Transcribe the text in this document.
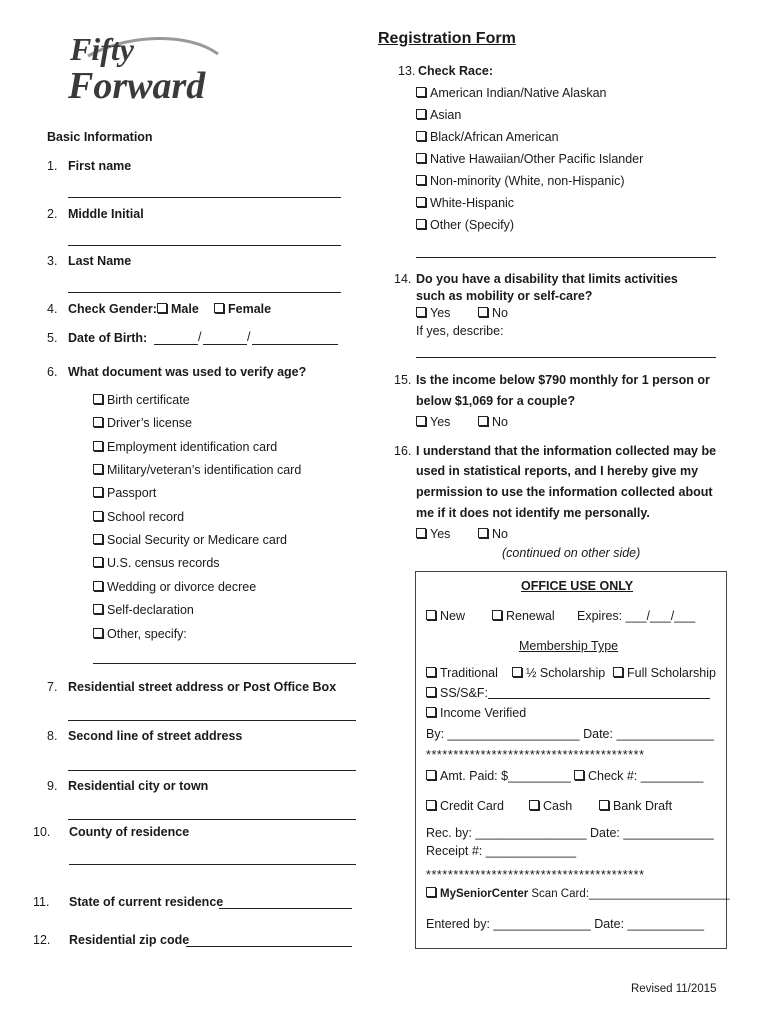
Fifty
Forward
Registration Form
Basic Information
1. First name
2. Middle Initial
3. Last Name
4. Check Gender:	Male	Female
5. Date of Birth:	/	/
6. What document was used to verify age?
Birth certificate
Driver’s license
Employment identification card
Military/veteran’s identification card
Passport
School record
Social Security or Medicare card
U.S. census records
Wedding or divorce decree
Self-declaration
Other, specify:
7. Residential street address or Post Office Box
8. Second line of street address
9. Residential city or town
10. County of residence
11. State of current residence
12. Residential zip code
13. Check Race:
American Indian/Native Alaskan
Asian
Black/African American
Native Hawaiian/Other Pacific Islander
Non-minority (White, non-Hispanic)
White-Hispanic
Other (Specify)
14. Do you have a disability that limits activities
such as mobility or self-care?
Yes	No
If yes, describe:
15. Is the income below $790 monthly for 1 person or
below $1,069 for a couple?
Yes	No
16. I understand that the information collected may be
used in statistical reports, and I hereby give my
permission to use the information collected about
me if it does not identify me personally.
Yes	No
(continued on other side)
OFFICE USE ONLY
New	Renewal Expires: ___/___/___
Membership Type
Traditional	½ Scholarship	Full Scholarship
SS/S&F:
Income Verified
By: ___________________ Date: ______________
****************************************
Amt. Paid: $_________	Check #: _________
Credit Card	Cash	Bank Draft
Rec. by: ________________ Date: _____________
Receipt #: _____________
****************************************
MySeniorCenter Scan Card:______________________
Entered by: ______________ Date: ___________
Revised 11/2015
